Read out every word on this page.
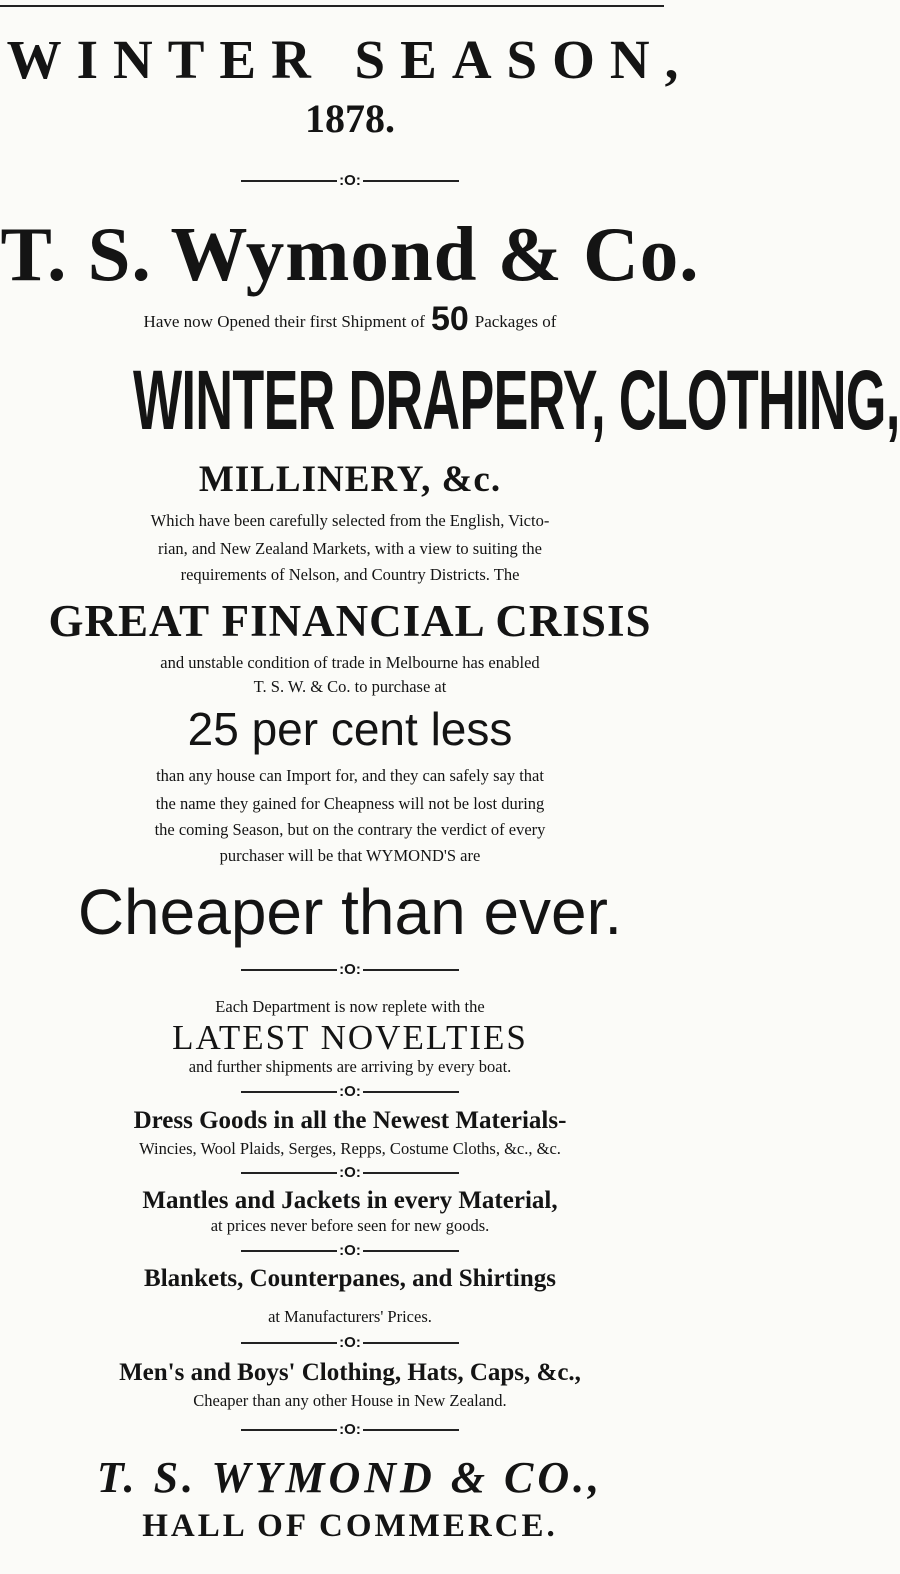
WINTER SEASON,
1878.
:O:
T. S. Wymond & Co.
Have now Opened their first Shipment of 50 Packages of
WINTER DRAPERY, CLOTHING,
MILLINERY, &c.
Which have been carefully selected from the English, Victo-
rian, and New Zealand Markets, with a view to suiting the
requirements of Nelson, and Country Districts. The
GREAT FINANCIAL CRISIS
and unstable condition of trade in Melbourne has enabled
T. S. W. & Co. to purchase at
25 per cent less
than any house can Import for, and they can safely say that
the name they gained for Cheapness will not be lost during
the coming Season, but on the contrary the verdict of every
purchaser will be that WYMOND'S are
Cheaper than ever.
:O:
Each Department is now replete with the
LATEST NOVELTIES
and further shipments are arriving by every boat.
:O:
Dress Goods in all the Newest Materials-
Wincies, Wool Plaids, Serges, Repps, Costume Cloths, &c., &c.
:O:
Mantles and Jackets in every Material,
at prices never before seen for new goods.
:O:
Blankets, Counterpanes, and Shirtings
at Manufacturers' Prices.
:O:
Men's and Boys' Clothing, Hats, Caps, &c.,
Cheaper than any other House in New Zealand.
:O:
T. S. WYMOND & CO.,
HALL OF COMMERCE.
